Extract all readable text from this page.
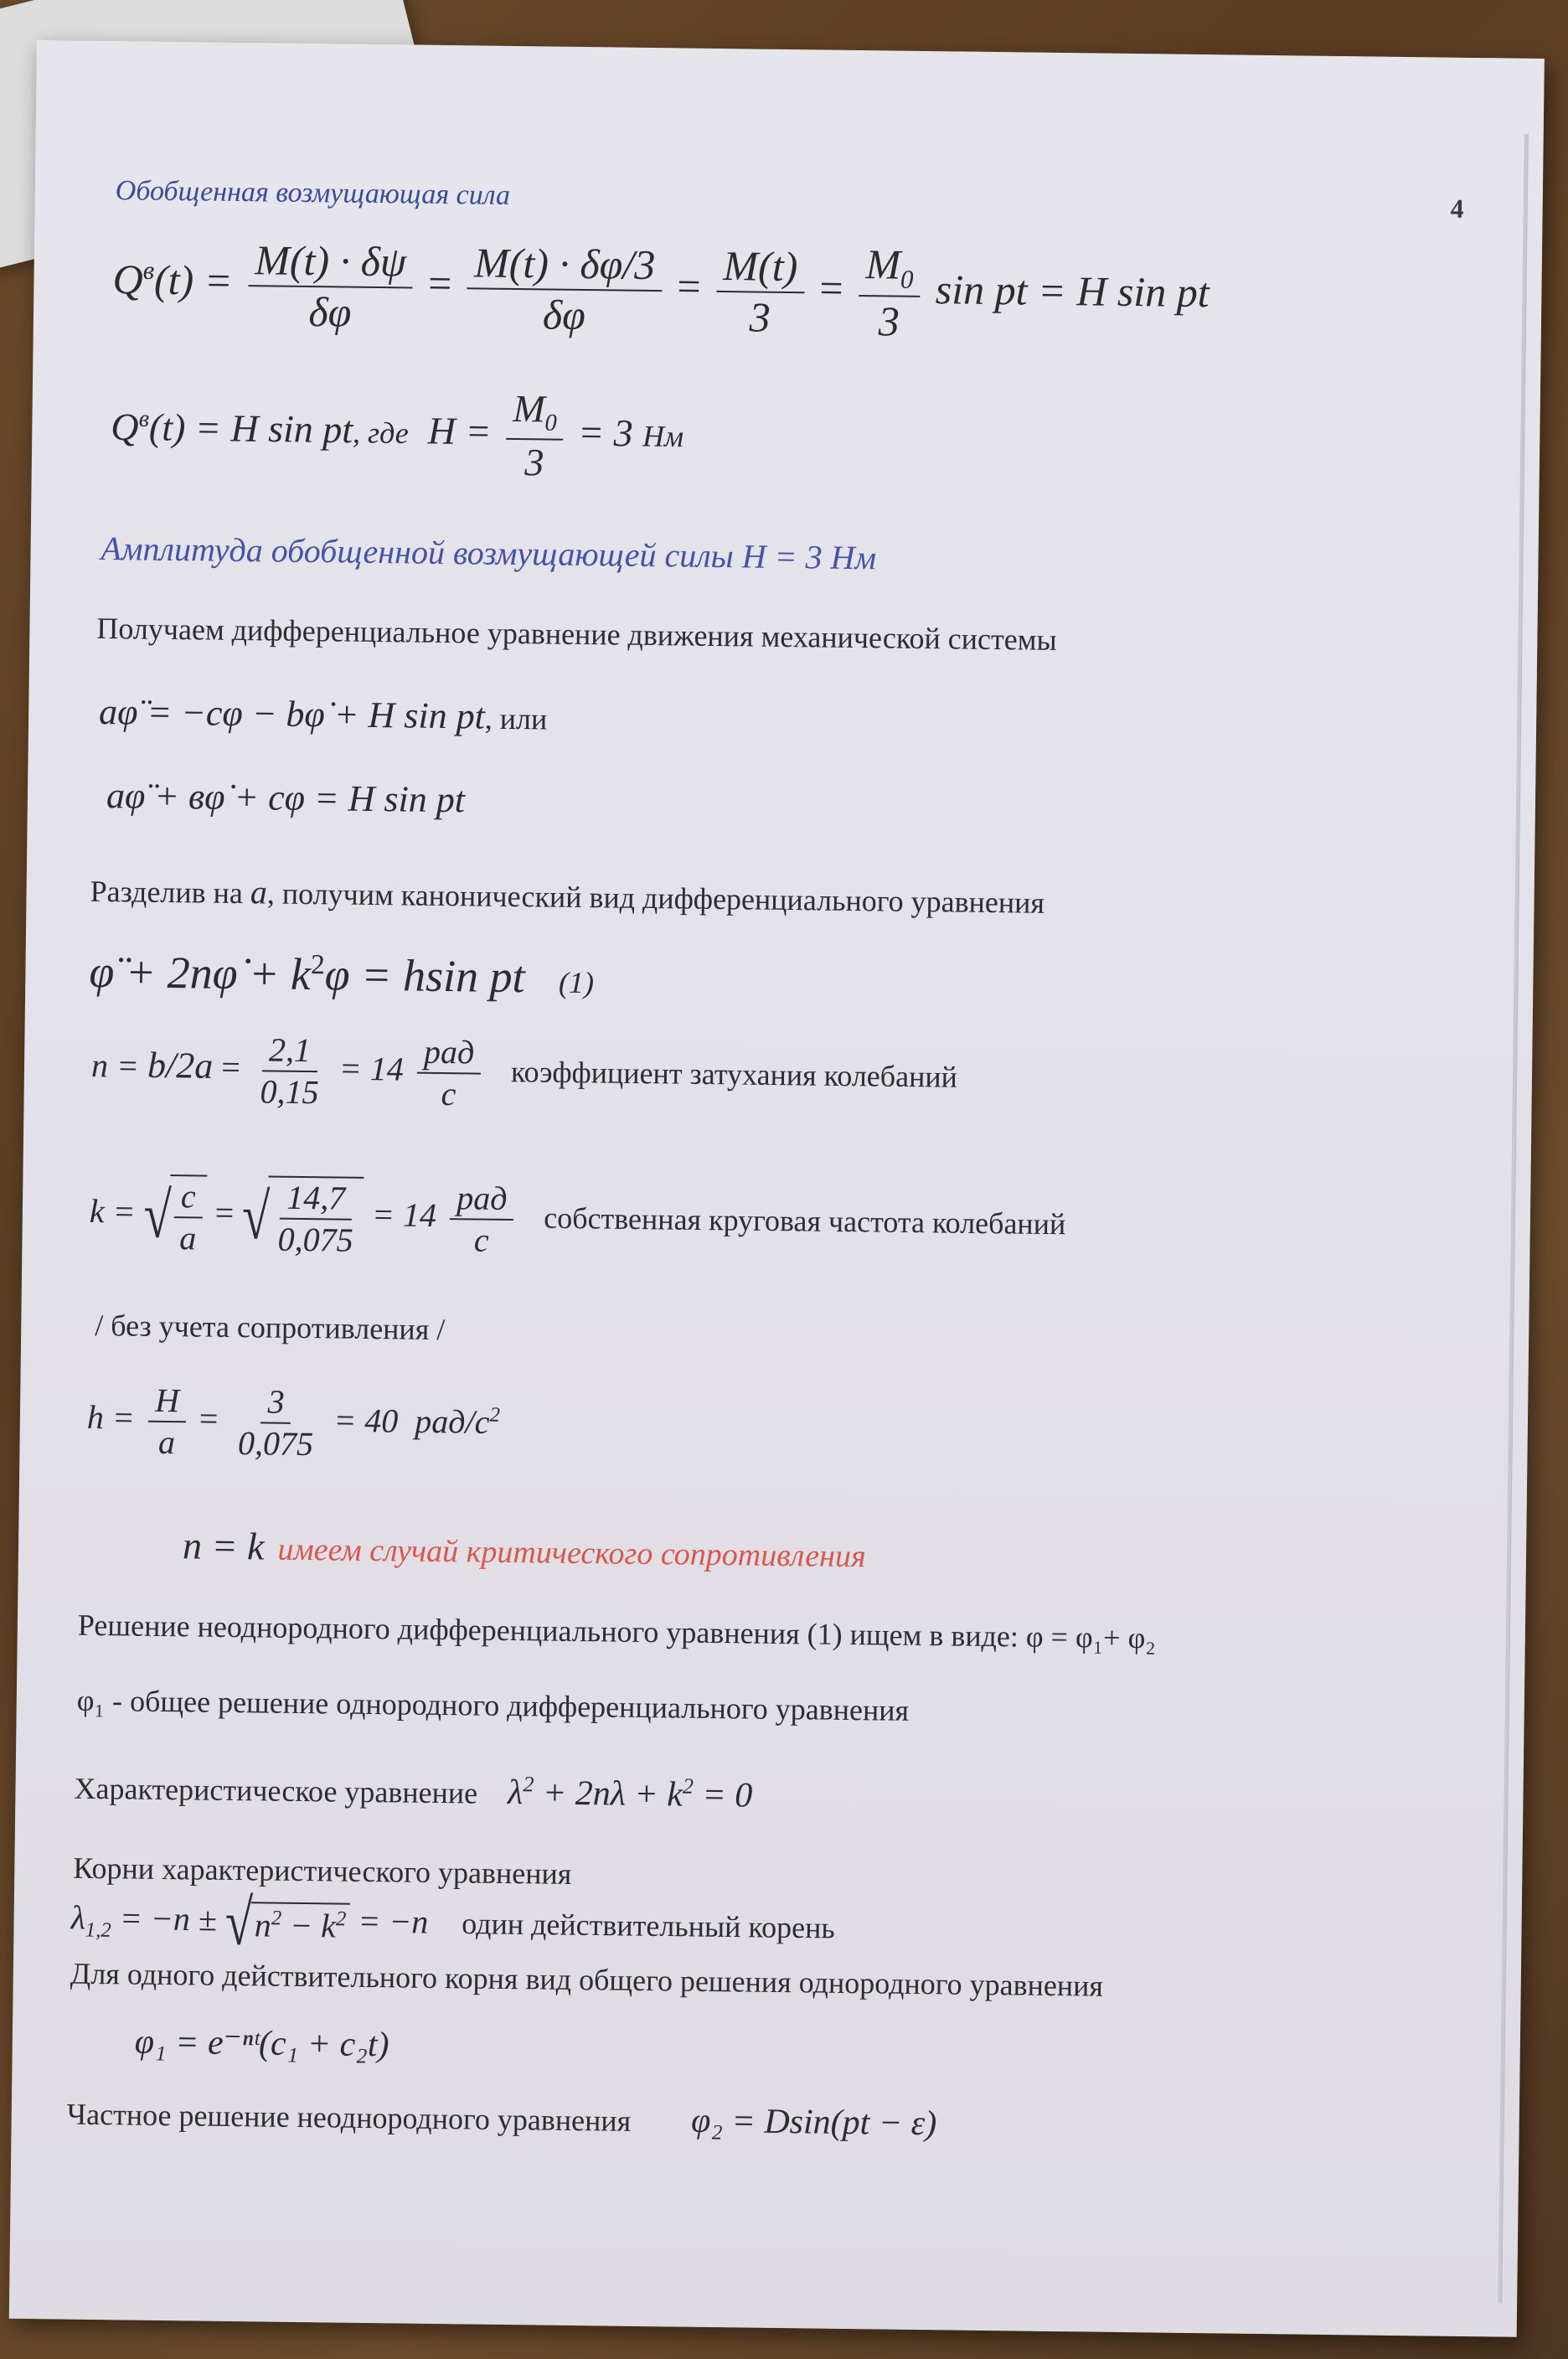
Обобщенная возмущающая сила	4
$Q^в(t) = \frac{M(t) \cdot \delta\psi}{\delta\varphi} = \frac{M(t) \cdot \delta\varphi/3}{\delta\varphi} = \frac{M(t)}{3} = \frac{M_0}{3}$ sin pt = H sin pt
$Q^в(t) = H$ sin pt, где $H = \frac{M_0}{3} = 3$ Нм
Амплитуда обобщенной возмущающей силы H = 3 Нм
Получаем дифференциальное уравнение движения механической системы
aφ̈ = −cφ − bφ̇ + H sin pt, или
aφ̈ + вφ̇ + cφ = H sin pt
Разделив на a, получим канонический вид дифференциального уравнения
φ̈ + 2nφ̇ + $k^2\varphi = hsin$ pt (1)
$n = b/2a = \frac{2,1}{0,15} = 14 \frac{\text{рад}}{c}$ коэффициент затухания колебаний
k = √ $\frac{c}{a}$ = √ $\frac{14,7}{0,075} = 14 \frac{\text{рад}}{c}$ собственная круговая частота колебаний
/ без учета сопротивления /
$h = \frac{H}{a} = \frac{3}{0,075} = 40$ рад/$c^2$
n = k имеем случай критического сопротивления
Решение неоднородного дифференциального уравнения (1) ищем в виде: φ = φ₁+ φ₂
φ₁ - общее решение однородного дифференциального уравнения
Характеристическое уравнение $\lambda^2 + 2n\lambda + k^2 = 0$
Корни характеристического уравнения
$\lambda_{1,2} = -n$ ± √ $n^2 - k^2 = -n$ один действительный корень
Для одного действительного корня вид общего решения однородного уравнения
φ₁ = e⁻ⁿᵗ(c₁ + c₂t)
Частное решение неоднородного уравнения φ₂ = Dsin(pt − ε)
